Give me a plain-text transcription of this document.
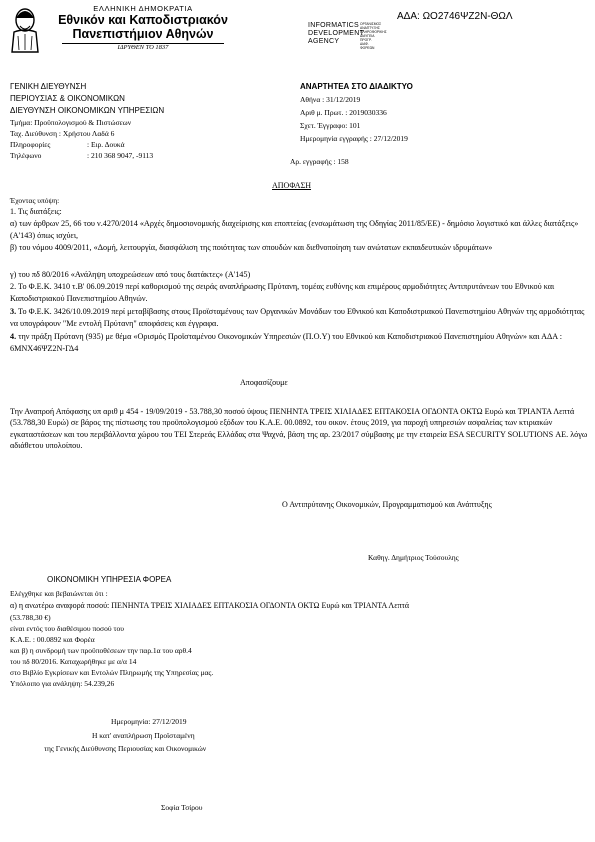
ΕΛΛΗΝΙΚΗ ΔΗΜΟΚΡΑΤΙΑ
Εθνικόν και Καποδιστριακόν
Πανεπιστήμιον Αθηνών
ΙΔΡΥΘΕΝ ΤΟ 1837
INFORMATICS
DEVELOPMENT
AGENCY
ΟΡΓΑΝΙΣΜΟΣ
ΑΝΑΠΤΥΞΗΣ
ΠΛΗΡΟΦΟΡΙΚΗΣ
ΔΙΑΥΓΕΙΑ
ΠΡΟΓΡ.
ΔΙΑΦ.
ΦΟΡΕΩΝ
ΑΔΑ: ΩΟ2746ΨΖ2Ν-ΘΩΛ
ΓΕΝΙΚΗ ΔΙΕΥΘΥΝΣΗ
ΠΕΡΙΟΥΣΙΑΣ & ΟΙΚΟΝΟΜΙΚΩΝ
ΔΙΕΥΘΥΝΣΗ ΟΙΚΟΝΟΜΙΚΩΝ ΥΠΗΡΕΣΙΩΝ
Τμήμα: Προϋπολογισμού & Πιστώσεων
Ταχ. Διεύθυνση : Χρήστου Λαδά 6
Πληροφορίες	: Ειρ. Δουκά
Τηλέφωνο	: 210 368 9047, -9113
ΑΝΑΡΤΗΤΕΑ ΣΤΟ ΔΙΑΔΙΚΤΥΟ
Αθήνα : 31/12/2019
Αριθ μ. Πρωτ. : 2019030336
Σχετ. Έγγραφο: 101
Ημερομηνία εγγραφής : 27/12/2019
Αρ. εγγραφής : 158
ΑΠΟΦΑΣΗ
Έχοντας υπόψη:
1. Τις διατάξεις:
α) των άρθρων 25, 66 του ν.4270/2014 «Αρχές δημοσιονομικής διαχείρισης και εποπτείας (ενσωμάτωση της Οδηγίας 2011/85/ΕΕ) - δημόσιο λογιστικό και άλλες διατάξεις» (Α'143) όπως ισχύει,
β) του νόμου 4009/2011, «Δομή, λειτουργία, διασφάλιση της ποιότητας των σπουδών και διεθνοποίηση των ανώτατων εκπαιδευτικών ιδρυμάτων»
γ) του πδ 80/2016 «Ανάληψη υποχρεώσεων από τους διατάκτες» (Α'145)
2. Το Φ.Ε.Κ. 3410 τ.Β' 06.09.2019 περί καθορισμού της σειράς αναπλήρωσης Πρύτανη, τομέας ευθύνης και επιμέρους αρμοδιότητες Αντιπρυτάνεων του Εθνικού και Καποδιστριακού Πανεπιστημίου Αθηνών.
3. Το Φ.Ε.Κ. 3426/10.09.2019 περί μεταβίβασης στους Προϊσταμένους των Οργανικών Μονάδων του Εθνικού και Καποδιστριακού Πανεπιστημίου Αθηνών της αρμοδιότητας να υπογράφουν "Με εντολή Πρύτανη" αποφάσεις και έγγραφα.
4. την πράξη Πρύτανη (935) με θέμα «Ορισμός Προϊσταμένου Οικονομικών Υπηρεσιών (Π.Ο.Υ) του Εθνικού και Καποδιστριακού Πανεπιστημίου Αθηνών» και ΑΔΑ : 6ΜΝΧ46ΨΖ2Ν-ΓΔ4
Αποφασίζουμε
Την Αναπροή Απόφασης υπ αριθ μ 454 - 19/09/2019 - 53.788,30 ποσού ύψους ΠΕΝΗΝΤΑ ΤΡΕΙΣ ΧΙΛΙΑΔΕΣ ΕΠΤΑΚΟΣΙΑ ΟΓΔΟΝΤΑ ΟΚΤΩ Ευρώ και ΤΡΙΑΝΤΑ Λεπτά (53.788,30 Ευρώ) σε βάρος της πίστωσης του προϋπολογισμού εξόδων του Κ.Α.Ε. 00.0892, του οικον. έτους 2019, για παροχή υπηρεσιών ασφαλείας των κτιριακών εγκαταστάσεων και του περιβάλλοντα χώρου του ΤΕΙ Στερεάς Ελλάδας στα Ψαχνά, βάση της αρ. 23/2017 σύμβασης με την εταιρεία ESA SECURITY SOLUTIONS ΑΕ. λόγω αδιάθετου υπολοίπου.
Ο Αντιπρύτανης Οικονομικών, Προγραμματισμού και Ανάπτυξης
Καθηγ. Δημήτριος Τούσουλης
ΟΙΚΟΝΟΜΙΚΗ ΥΠΗΡΕΣΙΑ ΦΟΡΕΑ
Ελέγχθηκε και βεβαιώνεται ότι :
α) η ανωτέρω αναφορά ποσού: ΠΕΝΗΝΤΑ ΤΡΕΙΣ ΧΙΛΙΑΔΕΣ ΕΠΤΑΚΟΣΙΑ ΟΓΔΟΝΤΑ ΟΚΤΩ Ευρώ και ΤΡΙΑΝΤΑ Λεπτά
(53.788,30 €)
είναι εντός του διαθέσιμου ποσού του
Κ.Α.Ε. : 00.0892 και Φορέα
και β) η συνδρομή των προϋποθέσεων την παρ.1α του αρθ.4
του πδ 80/2016. Καταχωρήθηκε με α/α 14
στο Βιβλίο Εγκρίσεων και Εντολών Πληρωμής της Υπηρεσίας μας.
Υπόλοιπο για ανάληψη: 54.239,26
Ημερομηνία: 27/12/2019
Η κατ' αναπλήρωση Προϊσταμένη
της Γενικής Διεύθυνσης Περιουσίας και Οικονομικών
Σοφία Τσίρου
